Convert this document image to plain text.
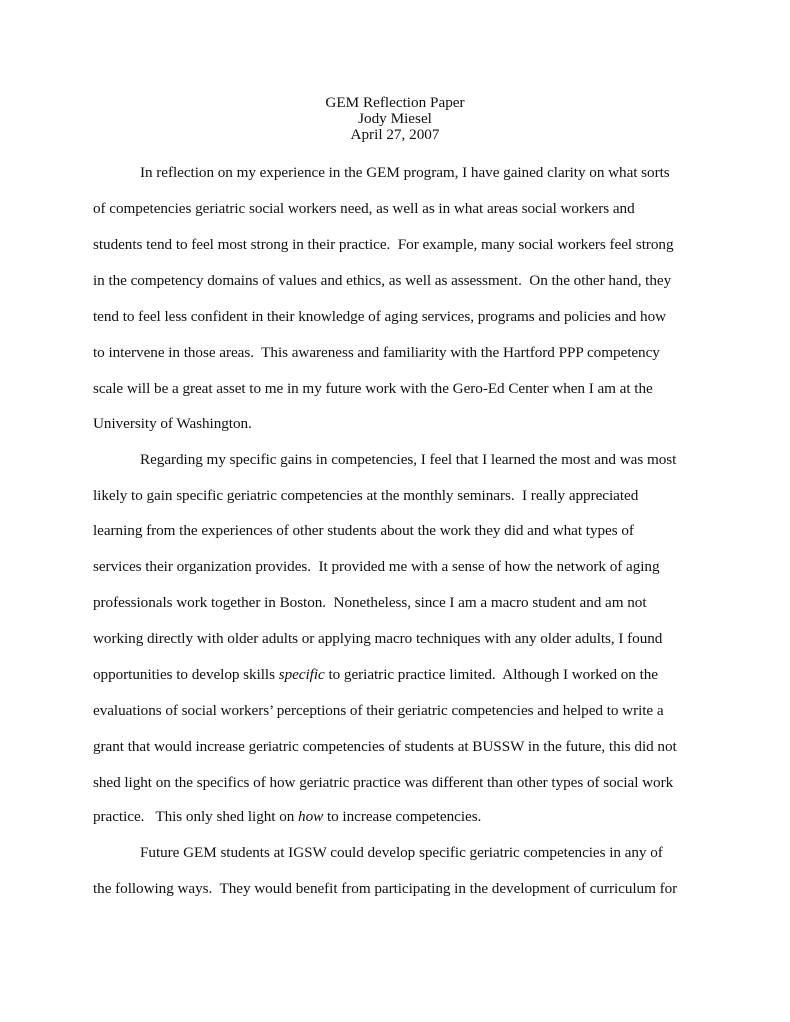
GEM Reflection Paper
Jody Miesel
April 27, 2007
In reflection on my experience in the GEM program, I have gained clarity on what sorts
of competencies geriatric social workers need, as well as in what areas social workers and
students tend to feel most strong in their practice.  For example, many social workers feel strong
in the competency domains of values and ethics, as well as assessment.  On the other hand, they
tend to feel less confident in their knowledge of aging services, programs and policies and how
to intervene in those areas.  This awareness and familiarity with the Hartford PPP competency
scale will be a great asset to me in my future work with the Gero-Ed Center when I am at the
University of Washington.
Regarding my specific gains in competencies, I feel that I learned the most and was most
likely to gain specific geriatric competencies at the monthly seminars.  I really appreciated
learning from the experiences of other students about the work they did and what types of
services their organization provides.  It provided me with a sense of how the network of aging
professionals work together in Boston.  Nonetheless, since I am a macro student and am not
working directly with older adults or applying macro techniques with any older adults, I found
opportunities to develop skills specific to geriatric practice limited.  Although I worked on the
evaluations of social workers’ perceptions of their geriatric competencies and helped to write a
grant that would increase geriatric competencies of students at BUSSW in the future, this did not
shed light on the specifics of how geriatric practice was different than other types of social work
practice.   This only shed light on how to increase competencies.
Future GEM students at IGSW could develop specific geriatric competencies in any of
the following ways.  They would benefit from participating in the development of curriculum for
